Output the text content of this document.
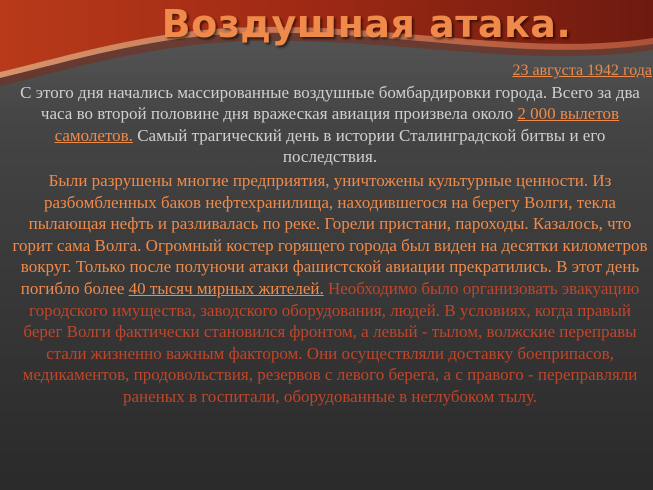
Воздушная атака.
23 августа 1942 года
С этого дня начались массированные воздушные бомбардировки города. Всего за два часа во второй половине дня вражеская авиация произвела около 2 000 вылетов самолетов. Самый трагический день в истории Сталинградской битвы и его последствия.
Были разрушены многие предприятия, уничтожены культурные ценности. Из разбомбленных баков нефтехранилища, находившегося на берегу Волги, текла пылающая нефть и разливалась по реке. Горели пристани, пароходы. Казалось, что горит сама Волга. Огромный костер горящего города был виден на десятки километров вокруг. Только после полуночи атаки фашистской авиации прекратились. В этот день погибло более 40 тысяч мирных жителей. Необходимо было организовать эвакуацию городского имущества, заводского оборудования, людей. В условиях, когда правый берег Волги фактически становился фронтом, а левый - тылом, волжские переправы стали жизненно важным фактором. Они осуществляли доставку боеприпасов, медикаментов, продовольствия, резервов с левого берега, а с правого - переправляли раненых в госпитали, оборудованные в неглубоком тылу.
